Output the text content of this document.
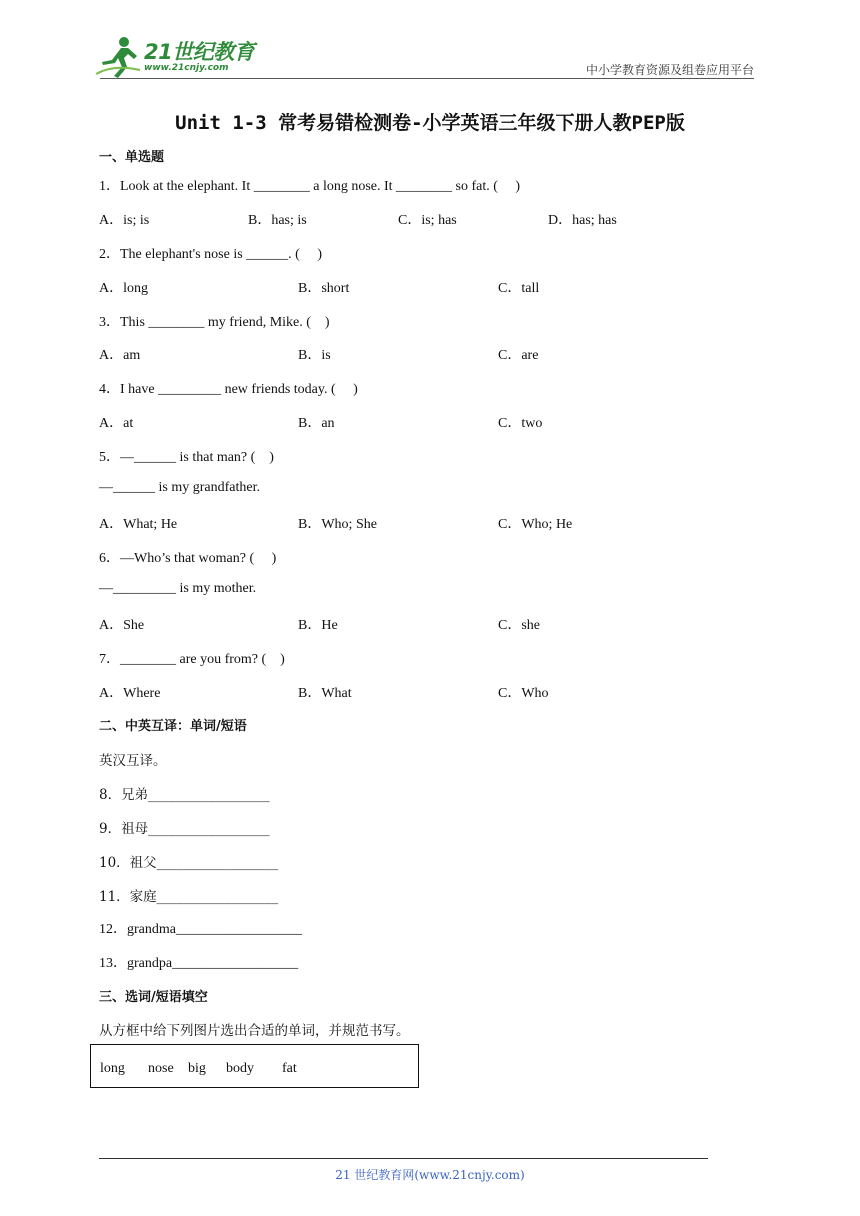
21世纪教育
www.21cnjy.com	中小学教育资源及组卷应用平台
Unit 1-3 常考易错检测卷-小学英语三年级下册人教PEP版
一、单选题
1．Look at the elephant. It ________ a long nose. It ________ so fat. (     )
A．is; is	B．has; is	C．is; has	D．has; has
2．The elephant's nose is ______. (     )
A．long	B．short	C．tall
3．This ________ my friend, Mike. (    )
A．am	B．is	C．are
4．I have _________ new friends today. (     )
A．at	B．an	C．two
5．—______ is that man? (    )
—______ is my grandfather.
A．What; He	B．Who; She	C．Who; He
6．—Who’s that woman? (     )
—_________ is my mother.
A．She	B．He	C．she
7．________ are you from? (    )
A．Where	B．What	C．Who
二、中英互译：单词/短语
英汉互译。
8．兄弟__________________
9．祖母__________________
10．祖父__________________
11．家庭__________________
12．grandma__________________
13．grandpa__________________
三、选词/短语填空
从方框中给下列图片选出合适的单词，并规范书写。
long nose big body fat
21 世纪教育网(www.21cnjy.com)
